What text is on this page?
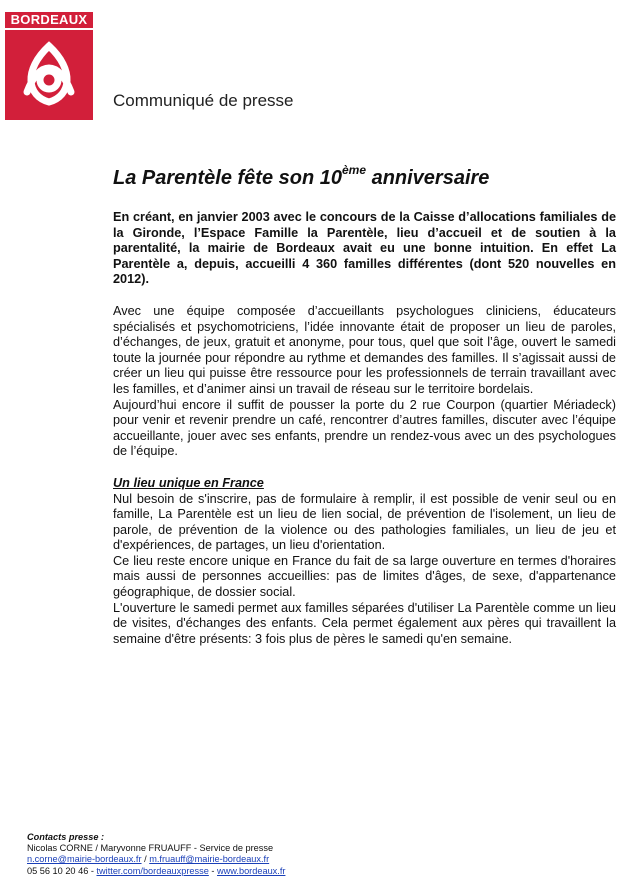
BORDEAUX
Communiqué de presse
La Parentèle fête son 10ème anniversaire

En créant, en janvier 2003 avec le concours de la Caisse d’allocations familiales de la Gironde, l’Espace Famille la Parentèle, lieu d’accueil et de soutien à la parentalité, la mairie de Bordeaux avait eu une bonne intuition. En effet La Parentèle a, depuis, accueilli 4 360 familles différentes (dont 520 nouvelles en 2012).

Avec une équipe composée d’accueillants psychologues cliniciens, éducateurs spécialisés et psychomotriciens, l’idée innovante était de proposer un lieu de paroles, d’échanges, de jeux, gratuit et anonyme, pour tous, quel que soit l’âge, ouvert le samedi toute la journée pour répondre au rythme et demandes des familles. Il s’agissait aussi de créer un lieu qui puisse être ressource pour les professionnels de terrain travaillant avec les familles, et d’animer ainsi un travail de réseau sur le territoire bordelais.

Aujourd’hui encore il suffit de pousser la porte du 2 rue Courpon (quartier Mériadeck) pour venir et revenir prendre un café, rencontrer d’autres familles, discuter avec l’équipe accueillante, jouer avec ses enfants, prendre un rendez-vous avec un des psychologues de l’équipe.

Un lieu unique en France

Nul besoin de s'inscrire, pas de formulaire à remplir, il est possible de venir seul ou en famille, La Parentèle est un lieu de lien social, de prévention de l'isolement, un lieu de parole, de prévention de la violence ou des pathologies familiales, un lieu de jeu et d'expériences, de partages, un lieu d'orientation.

Ce lieu reste encore unique en France du fait de sa large ouverture en termes d'horaires mais aussi de personnes accueillies: pas de limites d'âges, de sexe, d'appartenance géographique, de dossier social.

L'ouverture le samedi permet aux familles séparées d'utiliser La Parentèle comme un lieu de visites, d'échanges des enfants. Cela permet également aux pères qui travaillent la semaine d'être présents: 3 fois plus de pères le samedi qu'en semaine.

Contacts presse :
Nicolas CORNE / Maryvonne FRUAUFF - Service de presse
n.corne@mairie-bordeaux.fr / m.fruauff@mairie-bordeaux.fr
05 56 10 20 46 - twitter.com/bordeauxpresse - www.bordeaux.fr
